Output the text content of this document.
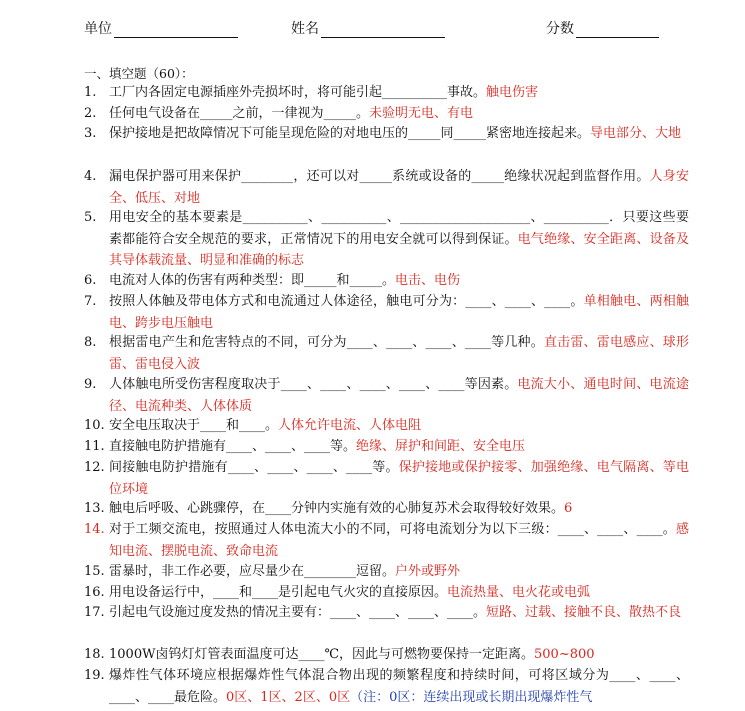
单位	姓名	分数
一、填空题（60）：
1. 工厂内各固定电源插座外壳损坏时，将可能引起__________事故。触电伤害
2. 任何电气设备在_____之前，一律视为_____。未验明无电、有电
3. 保护接地是把故障情况下可能呈现危险的对地电压的_____同_____紧密地连接起来。导电部分、大地
4. 漏电保护器可用来保护________，还可以对_____系统或设备的_____绝缘状况起到监督作用。人身安全、低压、对地
5. 用电安全的基本要素是__________、__________、____________________、__________．只要这些要素都能符合安全规范的要求，正常情况下的用电安全就可以得到保证。电气绝缘、安全距离、设备及其导体载流量、明显和准确的标志
6. 电流对人体的伤害有两种类型：即_____和_____。电击、电伤
7. 按照人体触及带电体方式和电流通过人体途径，触电可分为：____、____、____。单相触电、两相触电、跨步电压触电
8. 根据雷电产生和危害特点的不同，可分为____、____、____、____等几种。直击雷、雷电感应、球形雷、雷电侵入波
9. 人体触电所受伤害程度取决于____、____、____、____、____等因素。电流大小、通电时间、电流途径、电流种类、人体体质
10. 安全电压取决于____和____。人体允许电流、人体电阻
11. 直接触电防护措施有____、____、____等。绝缘、屏护和间距、安全电压
12. 间接触电防护措施有____、____、____、____等。保护接地或保护接零、加强绝缘、电气隔离、等电位环境
13. 触电后呼吸、心跳骤停，在____分钟内实施有效的心肺复苏术会取得较好效果。6
14. 对于工频交流电，按照通过人体电流大小的不同，可将电流划分为以下三级：____、____、____。感知电流、摆脱电流、致命电流
15. 雷暴时，非工作必要，应尽量少在________逗留。户外或野外
16. 用电设备运行中，____和____是引起电气火灾的直接原因。电流热量、电火花或电弧
17. 引起电气设施过度发热的情况主要有：____、____、____、____。短路、过载、接触不良、散热不良
18. 1000W卤钨灯灯管表面温度可达____℃，因此与可燃物要保持一定距离。500~800
19. 爆炸性气体环境应根据爆炸性气体混合物出现的频繁程度和持续时间，可将区域分为____、____、____、____最危险。0区、1区、2区、0区（注：0区：连续出现或长期出现爆炸性气
